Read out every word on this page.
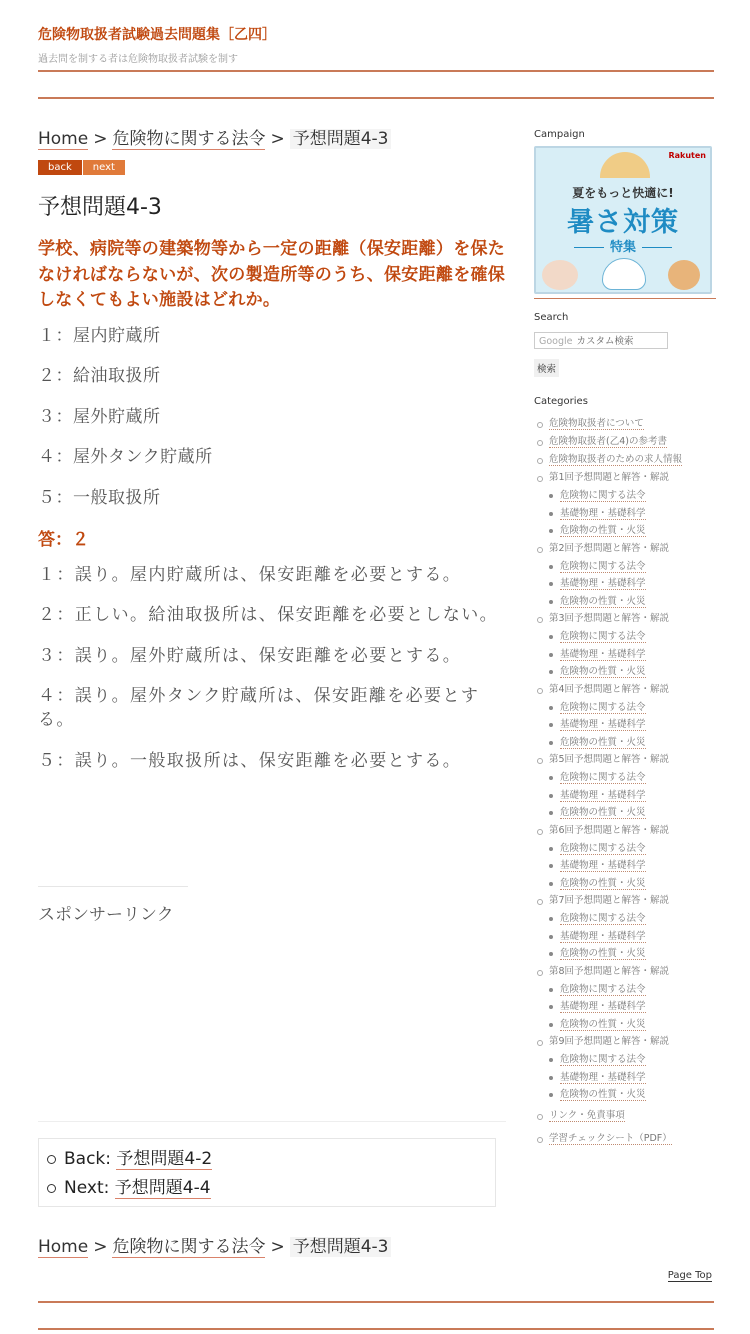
危険物取扱者試験過去問題集［乙四］
過去問を制する者は危険物取扱者試験を制す
Home > 危険物に関する法令 > 予想問題4-3
back	next
予想問題4-3
学校、病院等の建築物等から一定の距離（保安距離）を保たなければならないが、次の製造所等のうち、保安距離を確保しなくてもよい施設はどれか。
１：屋内貯蔵所
２：給油取扱所
３：屋外貯蔵所
４：屋外タンク貯蔵所
５：一般取扱所
答：２
１：誤り。屋内貯蔵所は、保安距離を必要とする。
２：正しい。給油取扱所は、保安距離を必要としない。
３：誤り。屋外貯蔵所は、保安距離を必要とする。
４：誤り。屋外タンク貯蔵所は、保安距離を必要とする。
５：誤り。一般取扱所は、保安距離を必要とする。
スポンサーリンク
Back: 予想問題4-2
Next: 予想問題4-4
Home > 危険物に関する法令 > 予想問題4-3
Page Top
Campaign
Rakuten
夏をもっと快適に!
暑さ対策
特集
Search
Google カスタム検索
検索
Categories
危険物取扱者について
危険物取扱者(乙4)の参考書
危険物取扱者のための求人情報
第1回予想問題と解答・解説
危険物に関する法令
基礎物理・基礎科学
危険物の性質・火災
第2回予想問題と解答・解説
危険物に関する法令
基礎物理・基礎科学
危険物の性質・火災
第3回予想問題と解答・解説
危険物に関する法令
基礎物理・基礎科学
危険物の性質・火災
第4回予想問題と解答・解説
危険物に関する法令
基礎物理・基礎科学
危険物の性質・火災
第5回予想問題と解答・解説
危険物に関する法令
基礎物理・基礎科学
危険物の性質・火災
第6回予想問題と解答・解説
危険物に関する法令
基礎物理・基礎科学
危険物の性質・火災
第7回予想問題と解答・解説
危険物に関する法令
基礎物理・基礎科学
危険物の性質・火災
第8回予想問題と解答・解説
危険物に関する法令
基礎物理・基礎科学
危険物の性質・火災
第9回予想問題と解答・解説
危険物に関する法令
基礎物理・基礎科学
危険物の性質・火災
リンク・免責事項
学習チェックシート（PDF）
